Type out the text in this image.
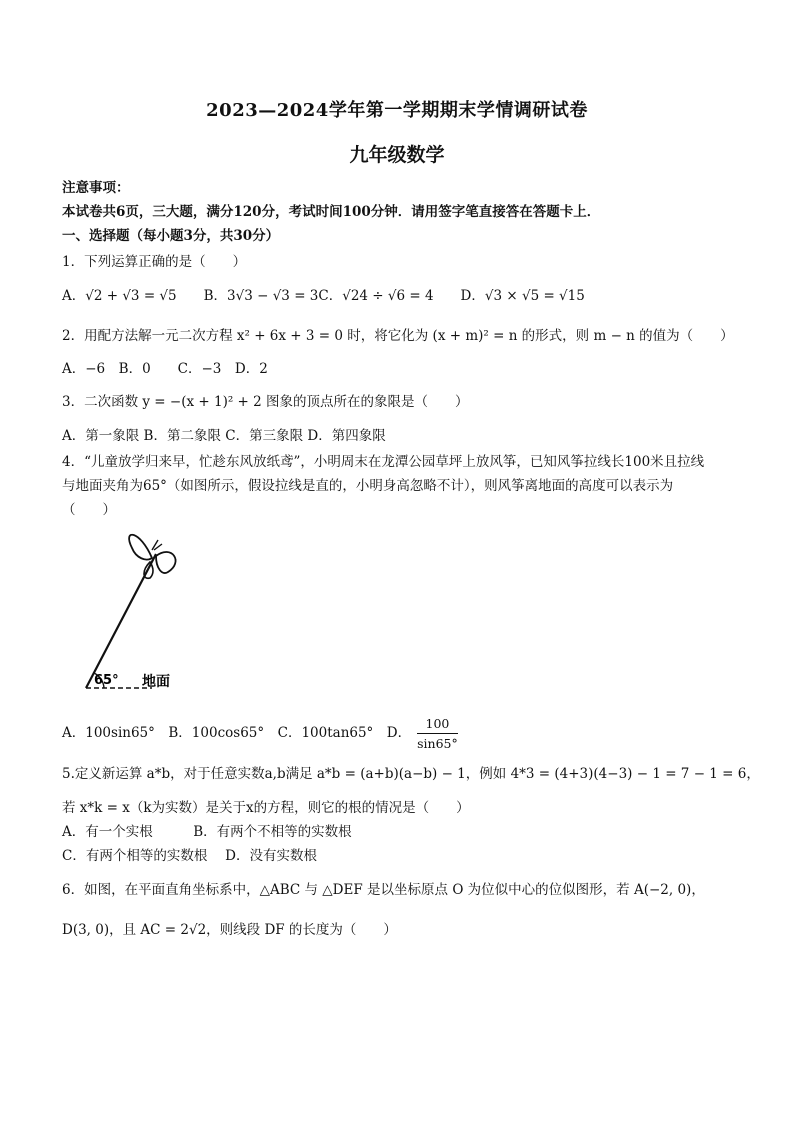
2023—2024学年第一学期期末学情调研试卷
九年级数学
注意事项：
本试卷共6页，三大题，满分120分，考试时间100分钟．请用签字笔直接答在答题卡上．
一、选择题（每小题3分，共30分）
1．下列运算正确的是（　　）
A．√2 + √3 = √5　　B．3√3 − √3 = 3C．√24 ÷ √6 = 4　　D．√3 × √5 = √15
2．用配方法解一元二次方程 x² + 6x + 3 = 0 时，将它化为 (x + m)² = n 的形式，则 m − n 的值为（　　）
A．−6　B．0　　C．−3　D．2
3．二次函数 y = −(x + 1)² + 2 图象的顶点所在的象限是（　　）
A．第一象限 B．第二象限 C．第三象限 D．第四象限
4．“儿童放学归来早，忙趁东风放纸鸢”，小明周末在龙潭公园草坪上放风筝，已知风筝拉线长100米且拉线
与地面夹角为65°（如图所示，假设拉线是直的，小明身高忽略不计），则风筝离地面的高度可以表示为
（　　）
65° 地面
A．100sin65°　B．100cos65°　C．100tan65°　D． $\frac{100}{\sin 65^\circ}$
5.定义新运算 a*b，对于任意实数a,b满足 a*b = (a+b)(a−b) − 1，例如 4*3 = (4+3)(4−3) − 1 = 7 − 1 = 6，
若 x*k = x（k为实数）是关于x的方程，则它的根的情况是（　　）
A．有一个实根　　　B．有两个不相等的实数根
C．有两个相等的实数根　 D．没有实数根
6．如图，在平面直角坐标系中，△ABC 与 △DEF 是以坐标原点 O 为位似中心的位似图形，若 A(−2, 0)，
D(3, 0)，且 AC = 2√2，则线段 DF 的长度为（　　）
